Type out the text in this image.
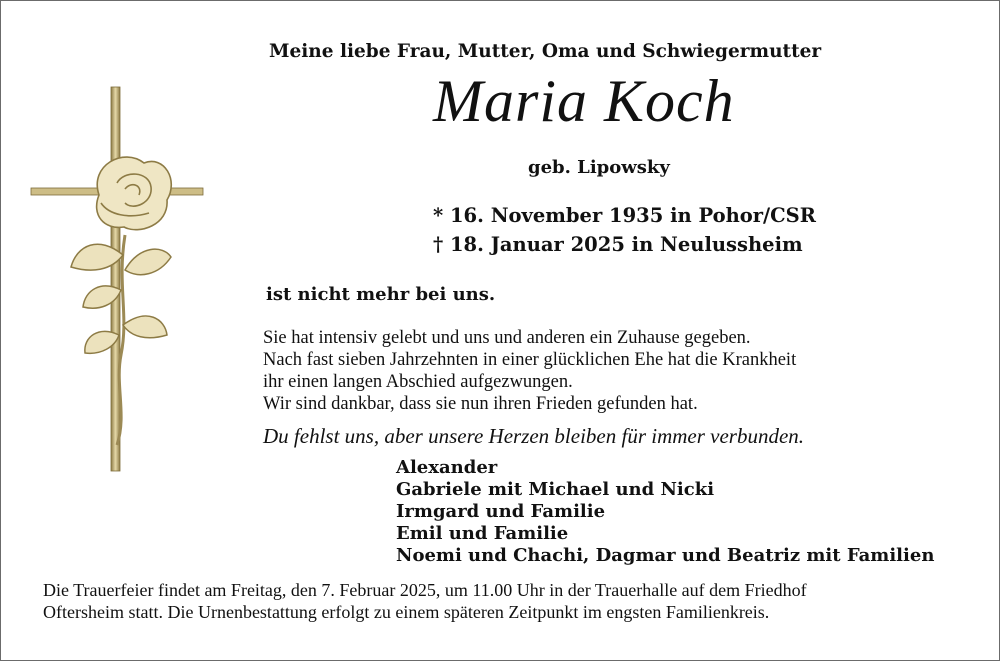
Meine liebe Frau, Mutter, Oma und Schwiegermutter
Maria Koch
geb. Lipowsky
* 16. November 1935 in Pohor/CSR
† 18. Januar 2025 in Neulussheim
ist nicht mehr bei uns.
Sie hat intensiv gelebt und uns und anderen ein Zuhause gegeben.
Nach fast sieben Jahrzehnten in einer glücklichen Ehe hat die Krankheit
ihr einen langen Abschied aufgezwungen.
Wir sind dankbar, dass sie nun ihren Frieden gefunden hat.
Du fehlst uns, aber unsere Herzen bleiben für immer verbunden.
Alexander
Gabriele mit Michael und Nicki
Irmgard und Familie
Emil und Familie
Noemi und Chachi, Dagmar und Beatriz mit Familien
Die Trauerfeier findet am Freitag, den 7. Februar 2025, um 11.00 Uhr in der Trauerhalle auf dem Friedhof
Oftersheim statt. Die Urnenbestattung erfolgt zu einem späteren Zeitpunkt im engsten Familienkreis.
